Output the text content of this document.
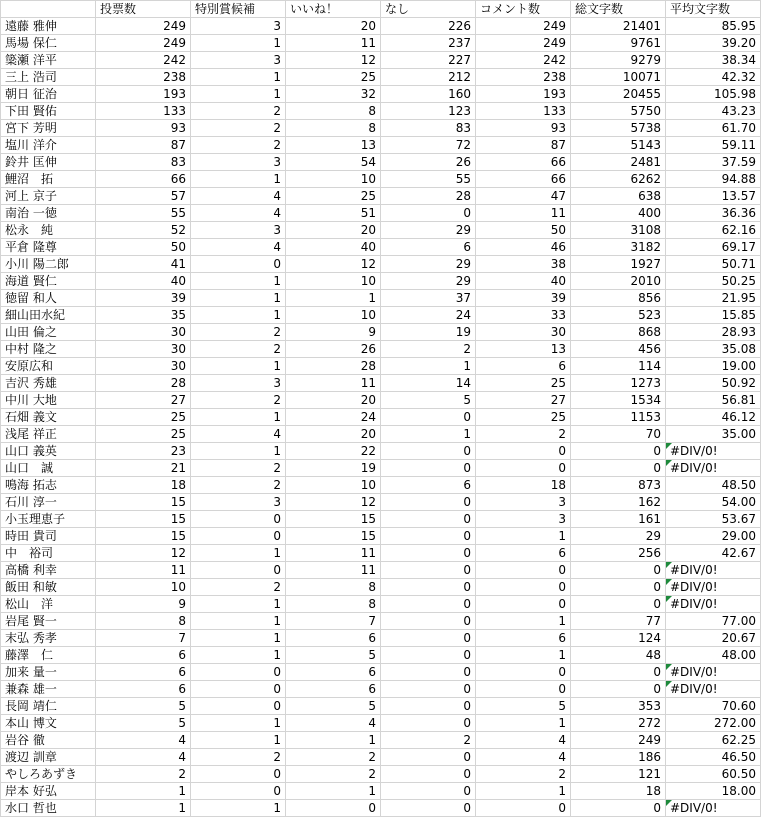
	投票数	特別賞候補	いいね！	なし	コメント数	総文字数	平均文字数
遠藤 雅伸	249	3	20	226	249	21401	85.95
馬場 保仁	249	1	11	237	249	9761	39.20
簗瀬 洋平	242	3	12	227	242	9279	38.34
三上 浩司	238	1	25	212	238	10071	42.32
朝日 征治	193	1	32	160	193	20455	105.98
下田 賢佑	133	2	8	123	133	5750	43.23
宮下 芳明	93	2	8	83	93	5738	61.70
塩川 洋介	87	2	13	72	87	5143	59.11
鈴井 匡伸	83	3	54	26	66	2481	37.59
鯉沼　拓	66	1	10	55	66	6262	94.88
河上 京子	57	4	25	28	47	638	13.57
南治 一徳	55	4	51	0	11	400	36.36
松永　純	52	3	20	29	50	3108	62.16
平倉 隆尊	50	4	40	6	46	3182	69.17
小川 陽二郎	41	0	12	29	38	1927	50.71
海道 賢仁	40	1	10	29	40	2010	50.25
徳留 和人	39	1	1	37	39	856	21.95
細山田水紀	35	1	10	24	33	523	15.85
山田 倫之	30	2	9	19	30	868	28.93
中村 隆之	30	2	26	2	13	456	35.08
安原広和	30	1	28	1	6	114	19.00
吉沢 秀雄	28	3	11	14	25	1273	50.92
中川 大地	27	2	20	5	27	1534	56.81
石畑 義文	25	1	24	0	25	1153	46.12
浅尾 祥正	25	4	20	1	2	70	35.00
山口 義英	23	1	22	0	0	0	#DIV/0!
山口　誠	21	2	19	0	0	0	#DIV/0!
鳴海 拓志	18	2	10	6	18	873	48.50
石川 淳一	15	3	12	0	3	162	54.00
小玉理恵子	15	0	15	0	3	161	53.67
時田 貴司	15	0	15	0	1	29	29.00
中　裕司	12	1	11	0	6	256	42.67
高橋 利幸	11	0	11	0	0	0	#DIV/0!
飯田 和敏	10	2	8	0	0	0	#DIV/0!
松山　洋	9	1	8	0	0	0	#DIV/0!
岩尾 賢一	8	1	7	0	1	77	77.00
末弘 秀孝	7	1	6	0	6	124	20.67
藤澤　仁	6	1	5	0	1	48	48.00
加来 量一	6	0	6	0	0	0	#DIV/0!
兼森 雄一	6	0	6	0	0	0	#DIV/0!
長岡 靖仁	5	0	5	0	5	353	70.60
本山 博文	5	1	4	0	1	272	272.00
岩谷 徹	4	1	1	2	4	249	62.25
渡辺 訓章	4	2	2	0	4	186	46.50
やしろあずき	2	0	2	0	2	121	60.50
岸本 好弘	1	0	1	0	1	18	18.00
水口 哲也	1	1	0	0	0	0	#DIV/0!
